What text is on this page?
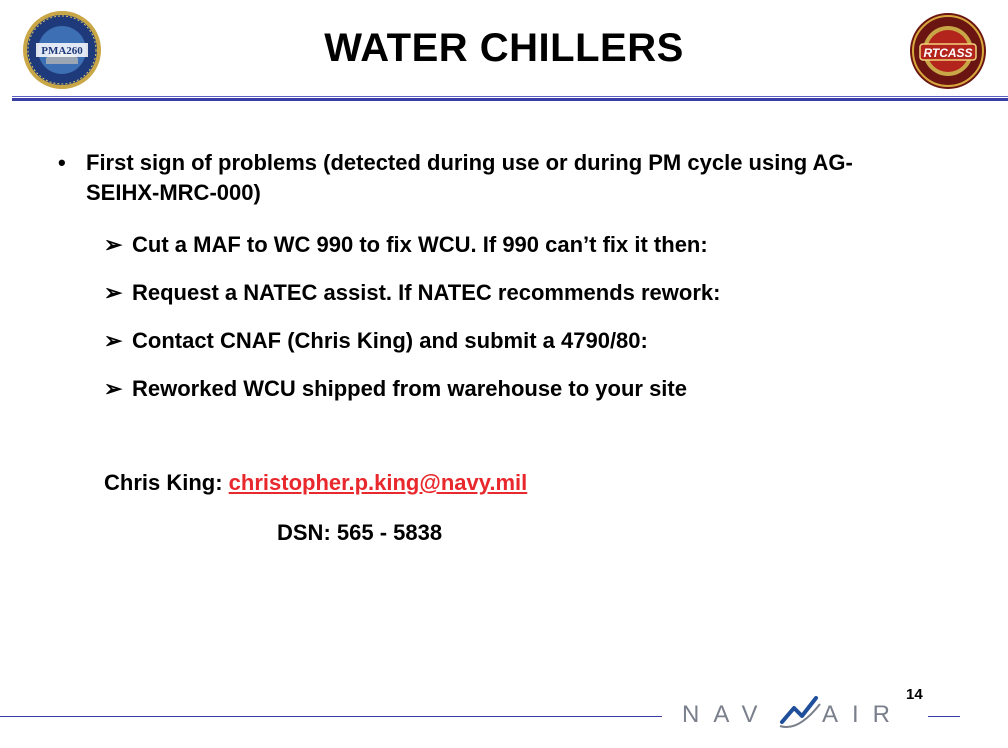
PMA260	WATER CHILLERS	RTCASS
• First sign of problems (detected during use or during PM cycle using AG-SEIHX-MRC-000)
➢ Cut a MAF to WC 990 to fix WCU. If 990 can’t fix it then:
➢ Request a NATEC assist. If NATEC recommends rework:
➢ Contact CNAF (Chris King) and submit a 4790/80:
➢ Reworked WCU shipped from warehouse to your site
Chris King: christopher.p.king@navy.mil
DSN: 565 - 5838
14
NAV AIR
